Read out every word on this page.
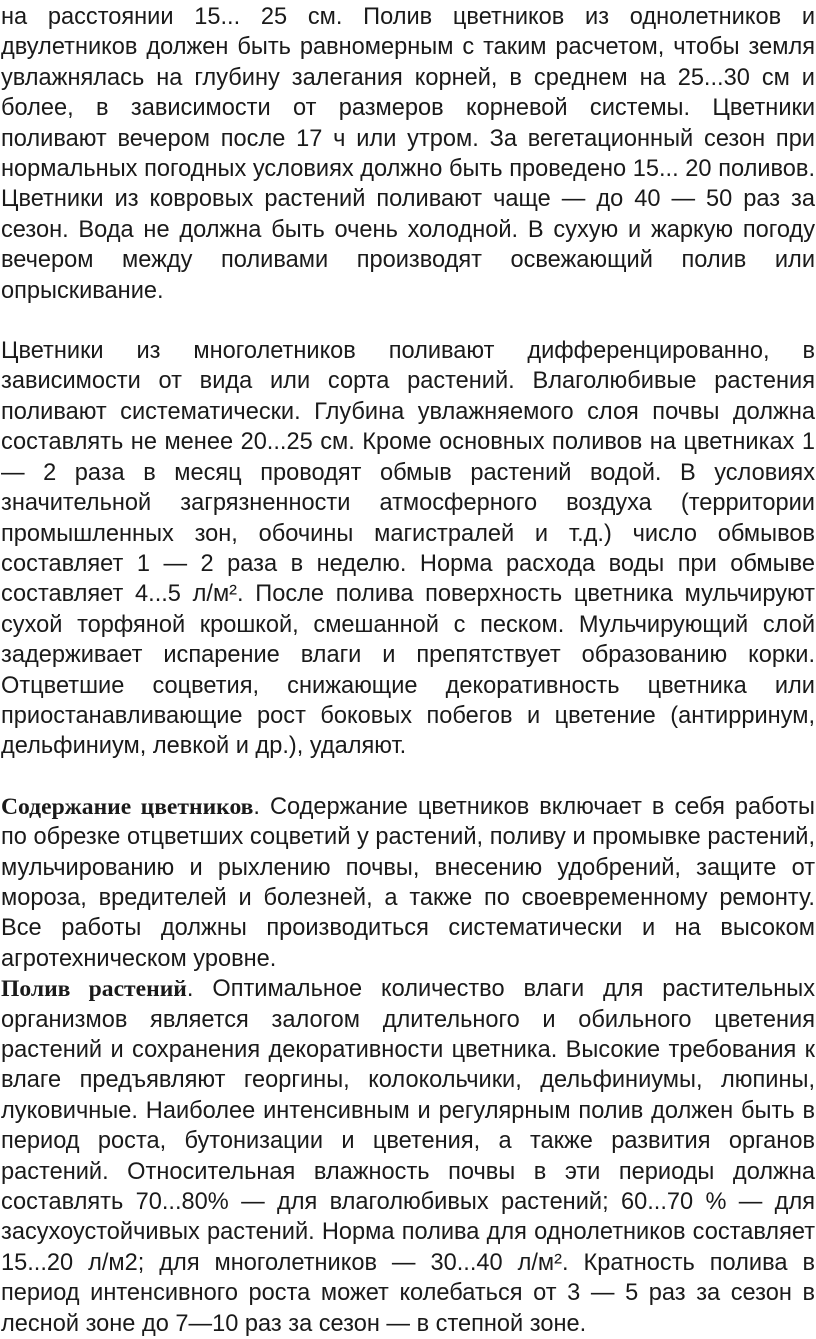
на расстоянии 15... 25 см. Полив цветников из однолетников и двулетников должен быть равномерным с таким расчетом, чтобы земля увлажнялась на глубину залегания корней, в среднем на 25...30 см и более, в зависимости от размеров корневой системы. Цветники поливают вечером после 17 ч или утром. За вегетационный сезон при нормальных погодных условиях должно быть проведено 15... 20 поливов. Цветники из ковровых растений поливают чаще — до 40 — 50 раз за сезон. Вода не должна быть очень холодной. В сухую и жаркую погоду вечером между поливами производят освежающий полив или опрыскивание.

Цветники из многолетников поливают дифференцированно, в зависимости от вида или сорта растений. Влаголюбивые растения поливают систематически. Глубина увлажняемого слоя почвы должна составлять не менее 20...25 см. Кроме основных поливов на цветниках 1— 2 раза в месяц проводят обмыв растений водой. В условиях значительной загрязненности атмосферного воздуха (территории промышленных зон, обочины магистралей и т.д.) число обмывов составляет 1 — 2 раза в неделю. Норма расхода воды при обмыве составляет 4...5 л/м². После полива поверхность цветника мульчируют сухой торфяной крошкой, смешанной с песком. Мульчирующий слой задерживает испарение влаги и препятствует образованию корки. Отцветшие соцветия, снижающие декоративность цветника или приостанавливающие рост боковых побегов и цветение (антирринум, дельфиниум, левкой и др.), удаляют.

Содержание цветников. Содержание цветников включает в себя работы по обрезке отцветших соцветий у растений, поливу и промывке растений, мульчированию и рыхлению почвы, внесению удобрений, защите от мороза, вредителей и болезней, а также по своевременному ремонту. Все работы должны производиться систематически и на высоком агротехническом уровне.

Полив растений. Оптимальное количество влаги для растительных организмов является залогом длительного и обильного цветения растений и сохранения декоративности цветника. Высокие требования к влаге предъявляют георгины, колокольчики, дельфиниумы, люпины, луковичные. Наиболее интенсивным и регулярным полив должен быть в период роста, бутонизации и цветения, а также развития органов растений. Относительная влажность почвы в эти периоды должна составлять 70...80% — для влаголюбивых растений; 60...70 % — для засухоустойчивых растений. Норма полива для однолетников составляет 15...20 л/м2; для многолетников — 30...40 л/м². Кратность полива в период интенсивного роста может колебаться от 3 — 5 раз за сезон в лесной зоне до 7—10 раз за сезон — в степной зоне.
